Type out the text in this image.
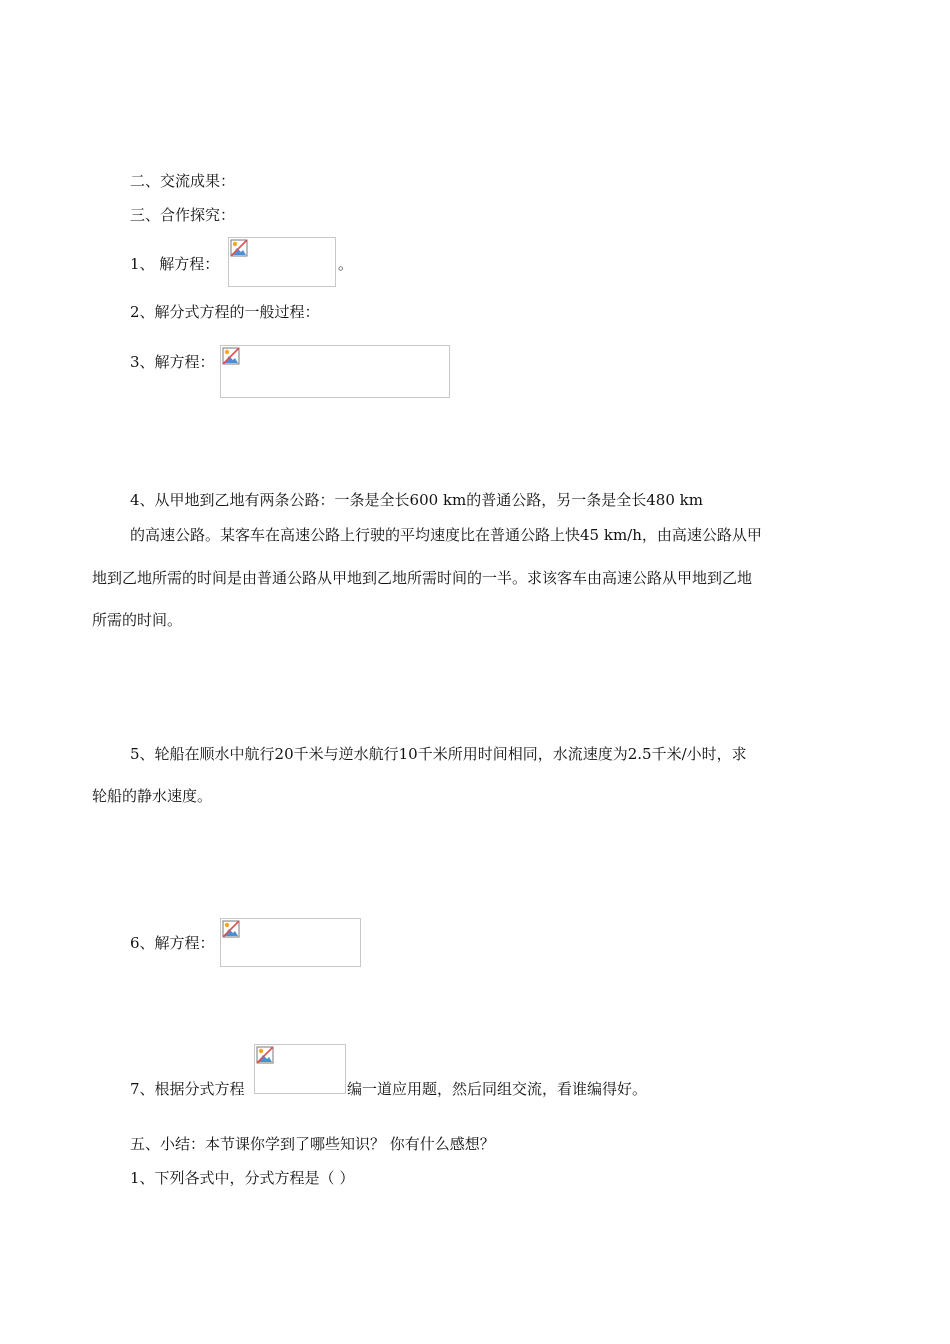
二、交流成果：
三、合作探究：
1、 解方程：	。
2、解分式方程的一般过程：
3、解方程：
4、从甲地到乙地有两条公路：一条是全长600 km的普通公路，另一条是全长480 km
的高速公路。某客车在高速公路上行驶的平均速度比在普通公路上快45 km/h，由高速公路从甲
地到乙地所需的时间是由普通公路从甲地到乙地所需时间的一半。求该客车由高速公路从甲地到乙地
所需的时间。
5、轮船在顺水中航行20千米与逆水航行10千米所用时间相同，水流速度为2.5千米/小时，求
轮船的静水速度。
6、解方程：
7、根据分式方程	编一道应用题，然后同组交流，看谁编得好。
五、小结：本节课你学到了哪些知识？ 你有什么感想？
1、下列各式中，分式方程是（ ）
